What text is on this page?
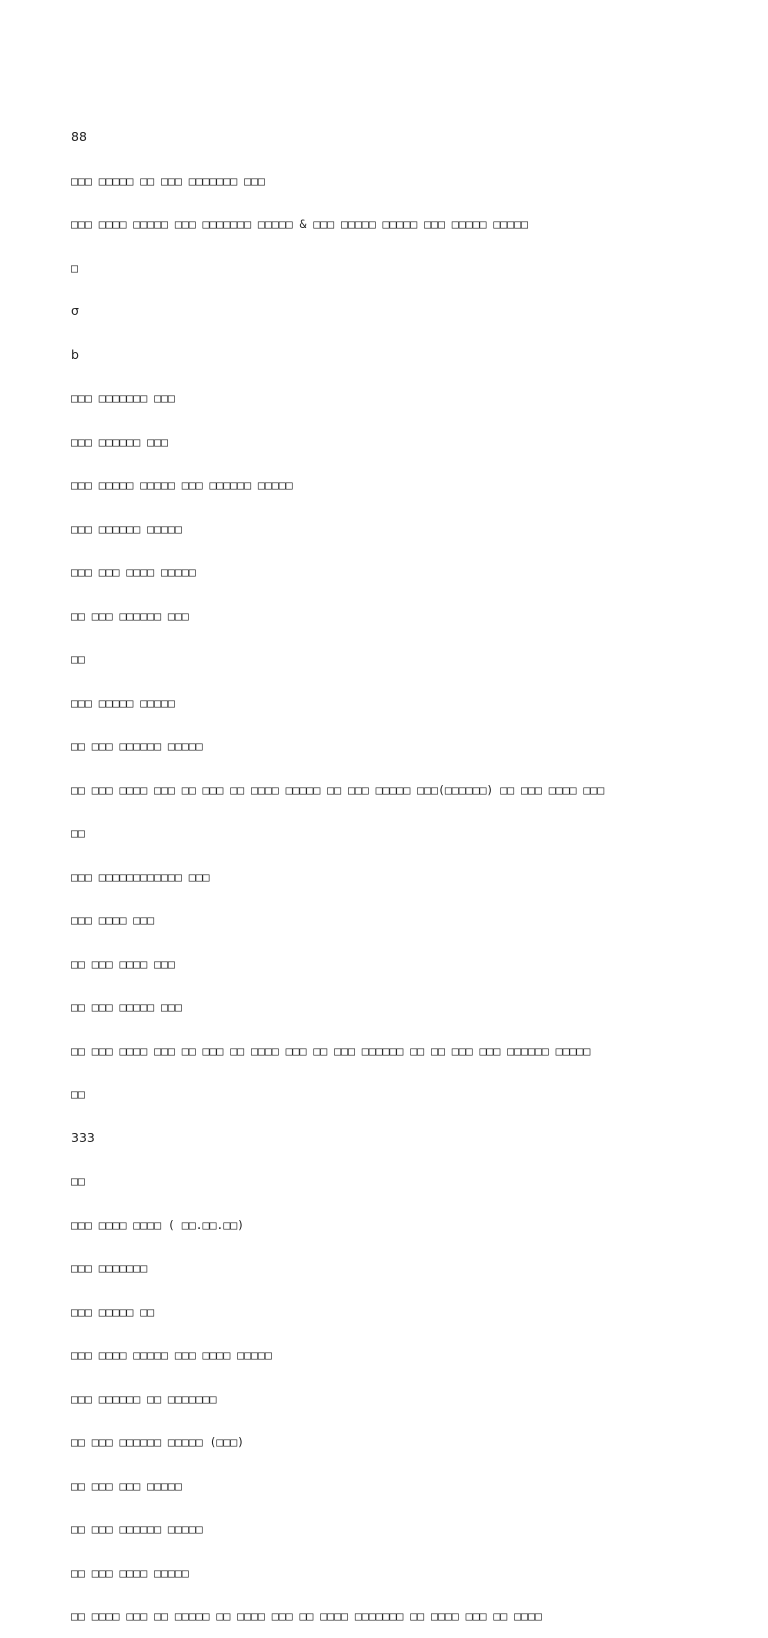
88

□□□ □□□□□ □□ □□□ □□□□□□□ □□□

□□□ □□□□ □□□□□ □□□ □□□□□□□ □□□□□ & □□□ □□□□□ □□□□□ □□□ □□□□□ □□□□□

□

σ

b

□□□ □□□□□□□ □□□

□□□ □□□□□□ □□□

□□□ □□□□□ □□□□□ □□□ □□□□□□ □□□□□

□□□ □□□□□□ □□□□□

□□□ □□□ □□□□ □□□□□

□□ □□□ □□□□□□ □□□

□□

□□□ □□□□□ □□□□□

□□ □□□ □□□□□□ □□□□□

□□ □□□ □□□□ □□□ □□ □□□ □□ □□□□ □□□□□ □□ □□□ □□□□□ □□□(□□□□□□) □□ □□□ □□□□ □□□

□□

□□□ □□□□□□□□□□□□ □□□

□□□ □□□□ □□□

□□ □□□ □□□□ □□□

□□ □□□ □□□□□ □□□

□□ □□□ □□□□ □□□ □□ □□□ □□ □□□□ □□□ □□ □□□ □□□□□□ □□ □□ □□□ □□□ □□□□□□ □□□□□

□□

333

□□

□□□ □□□□ □□□□ ( □□.□□.□□)

□□□ □□□□□□□

□□□ □□□□□ □□

□□□ □□□□ □□□□□ □□□ □□□□ □□□□□

□□□ □□□□□□ □□ □□□□□□□

□□ □□□ □□□□□□ □□□□□ (□□□)

□□ □□□ □□□ □□□□□

□□ □□□ □□□□□□ □□□□□

□□ □□□ □□□□ □□□□□

□□ □□□□ □□□ □□ □□□□□ □□ □□□□ □□□ □□ □□□□ □□□□□□□ □□ □□□□ □□□ □□ □□□□
